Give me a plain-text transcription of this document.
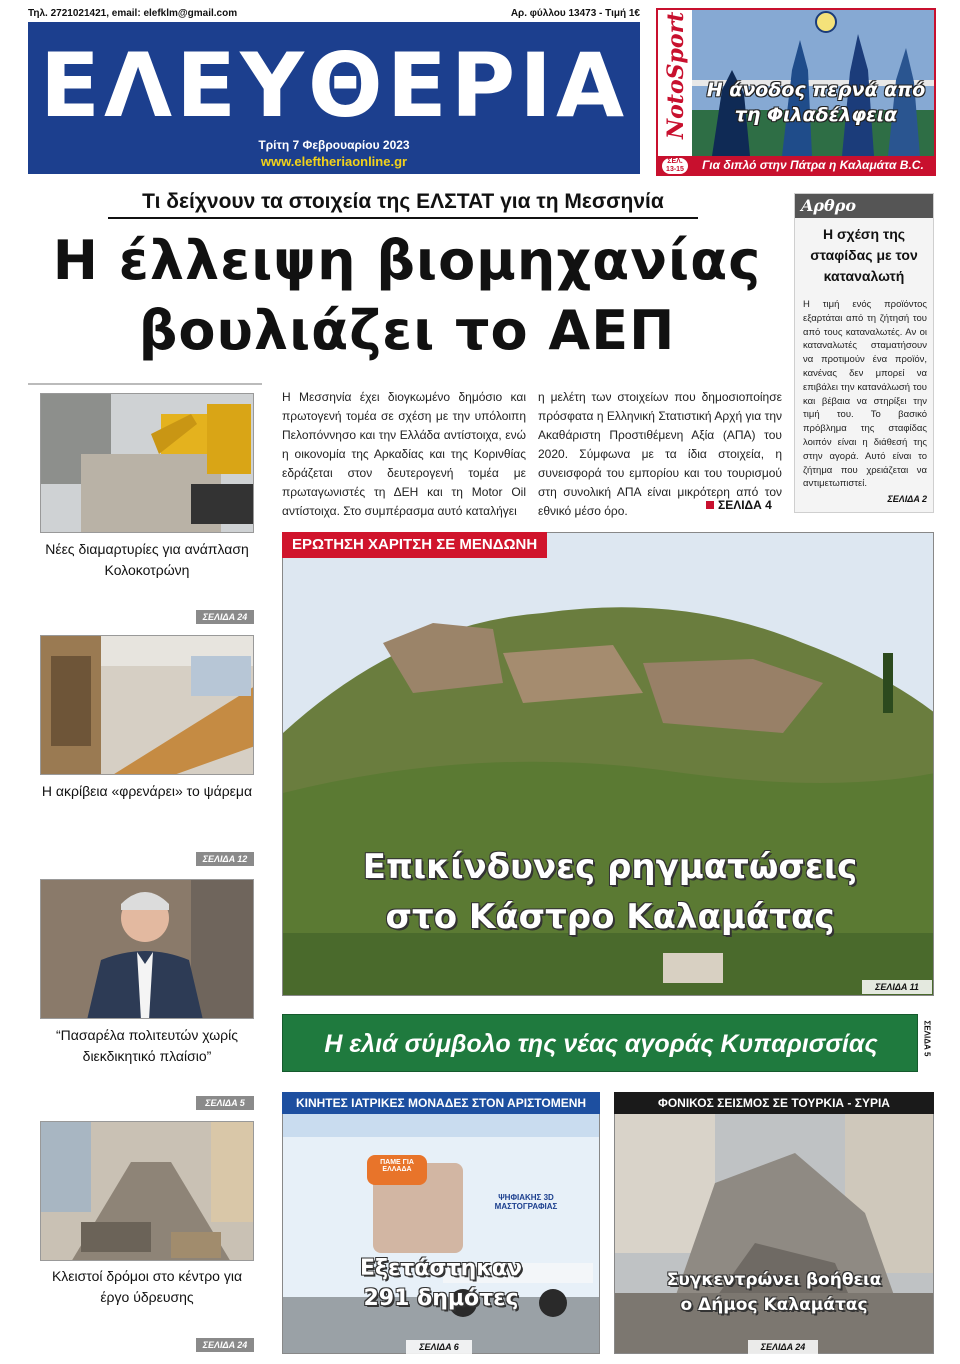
Τηλ. 2721021421, email: elefklm@gmail.com	Αρ. φύλλου 13473 - Τιμή 1€
ΕΛΕΥΘΕΡΙΑ
Τρίτη 7 Φεβρουαρίου 2023
www.eleftheriaonline.gr
NotoSport Η άνοδος περνά από τη Φιλαδέλφεια
ΣΕΛ. 13-15	Για διπλό στην Πάτρα η Καλαμάτα B.C.
Τι δείχνουν τα στοιχεία της ΕΛΣΤΑΤ για τη Μεσσηνία
Η έλλειψη βιομηχανίας
βουλιάζει το ΑΕΠ
Αρθρο
Η σχέση της σταφίδας με τον καταναλωτή
Η τιμή ενός προϊόντος εξαρτάται από τη ζήτησή του από τους καταναλωτές. Αν οι καταναλωτές σταματήσουν να προτιμούν ένα προϊόν, κανένας δεν μπορεί να επιβάλει την κατανάλωσή του και βέβαια να στηρίξει την τιμή του. Το βασικό πρόβλημα της σταφίδας λοιπόν είναι η διάθεσή της στην αγορά. Αυτό είναι το ζήτημα που χρειάζεται να αντιμετωπιστεί.
ΣΕΛΙΔΑ 2
Η Μεσσηνία έχει διογκωμένο δημόσιο και πρωτογενή τομέα σε σχέση με την υπόλοιπη Πελοπόννησο και την Ελλάδα αντίστοιχα, ενώ η οικονομία της Αρκαδίας και της Κορινθίας εδράζεται στον δευτερογενή τομέα με πρωταγωνιστές τη ΔΕΗ και τη Motor Oil αντίστοιχα. Στο συμπέρασμα αυτό καταλήγει
η μελέτη των στοιχείων που δημοσιοποίησε πρόσφατα η Ελληνική Στατιστική Αρχή για την Ακαθάριστη Προστιθέμενη Αξία (ΑΠΑ) του 2020. Σύμφωνα με τα ίδια στοιχεία, η συνεισφορά του εμπορίου και του τουρισμού στη συνολική ΑΠΑ είναι μικρότερη από τον εθνικό μέσο όρο.	ΣΕΛΙΔΑ 4
Νέες διαμαρτυρίες για ανάπλαση Κολοκοτρώνη
ΣΕΛΙΔΑ 24
Η ακρίβεια «φρενάρει» το ψάρεμα
ΣΕΛΙΔΑ 12
“Πασαρέλα πολιτευτών χωρίς διεκδικητικό πλαίσιο”
ΣΕΛΙΔΑ 5
Κλειστοί δρόμοι στο κέντρο για έργο ύδρευσης
ΣΕΛΙΔΑ 24
ΕΡΩΤΗΣΗ ΧΑΡΙΤΣΗ ΣΕ ΜΕΝΔΩΝΗ
Επικίνδυνες ρηγματώσεις
στο Κάστρο Καλαμάτας
ΣΕΛΙΔΑ 11
Η ελιά σύμβολο της νέας αγοράς Κυπαρισσίας	ΣΕΛΙΔΑ 5
ΠΑΜΕ ΓΙΑ ΕΛΛΑΔΑ
ΨΗΦΙΑΚΗΣ 3D ΜΑΣΤΟΓΡΑΦΙΑΣ
ΚΙΝΗΤΕΣ ΙΑΤΡΙΚΕΣ ΜΟΝΑΔΕΣ ΣΤΟΝ ΑΡΙΣΤΟΜΕΝΗ
Εξετάστηκαν
291 δημότες
ΣΕΛΙΔΑ 6
ΦΟΝΙΚΟΣ ΣΕΙΣΜΟΣ ΣΕ ΤΟΥΡΚΙΑ - ΣΥΡΙΑ
Συγκεντρώνει βοήθεια
ο Δήμος Καλαμάτας
ΣΕΛΙΔΑ 24
